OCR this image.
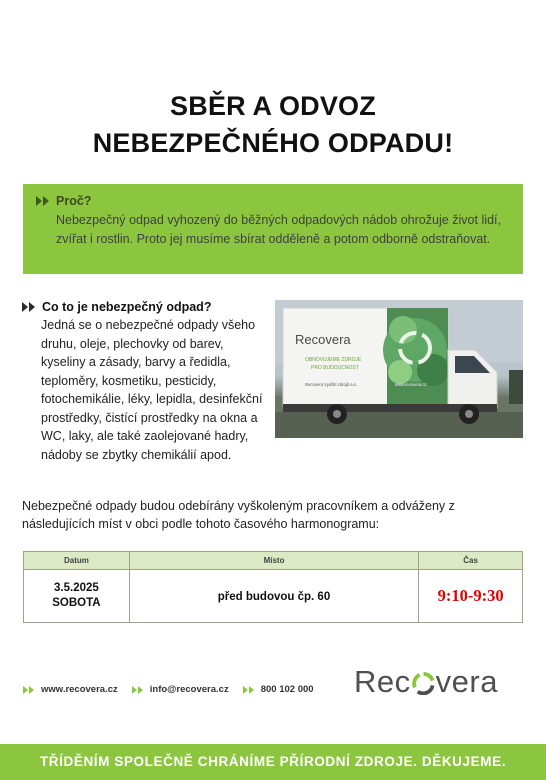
SBĚR A ODVOZ
NEBEZPEČNÉHO ODPADU!
Proč?
Nebezpečný odpad vyhozený do běžných odpadových nádob ohrožuje život lidí, zvířat i rostlin. Proto jej musíme sbírat odděleně a potom odborně odstraňovat.
Co to je nebezpečný odpad?
Jedná se o nebezpečné odpady všeho druhu, oleje, plechovky od barev, kyseliny a zásady, barvy a ředidla, teploměry, kosmetiku, pesticidy, fotochemikálie, léky, lepidla, desinfekční prostředky, čistící prostředky na okna a WC, laky, ale také zaolejované hadry, nádoby se zbytky chemikálií apod.
Recovera
OBNOVUJEME ZDROJE
PRO BUDOUCNOST
Recovera Využití zdrojů a.s.	www.recovera.cz
Nebezpečné odpady budou odebírány vyškoleným pracovníkem a odváženy z následujících míst v obci podle tohoto časového harmonogramu:
Datum	Místo	Čas

3.5.2025
SOBOTA	před budovou čp. 60	9:10-9:30
www.recovera.cz	info@recovera.cz	800 102 000 Rec vera
TŘÍDĚNÍM SPOLEČNĚ CHRÁNÍME PŘÍRODNÍ ZDROJE. DĚKUJEME.
